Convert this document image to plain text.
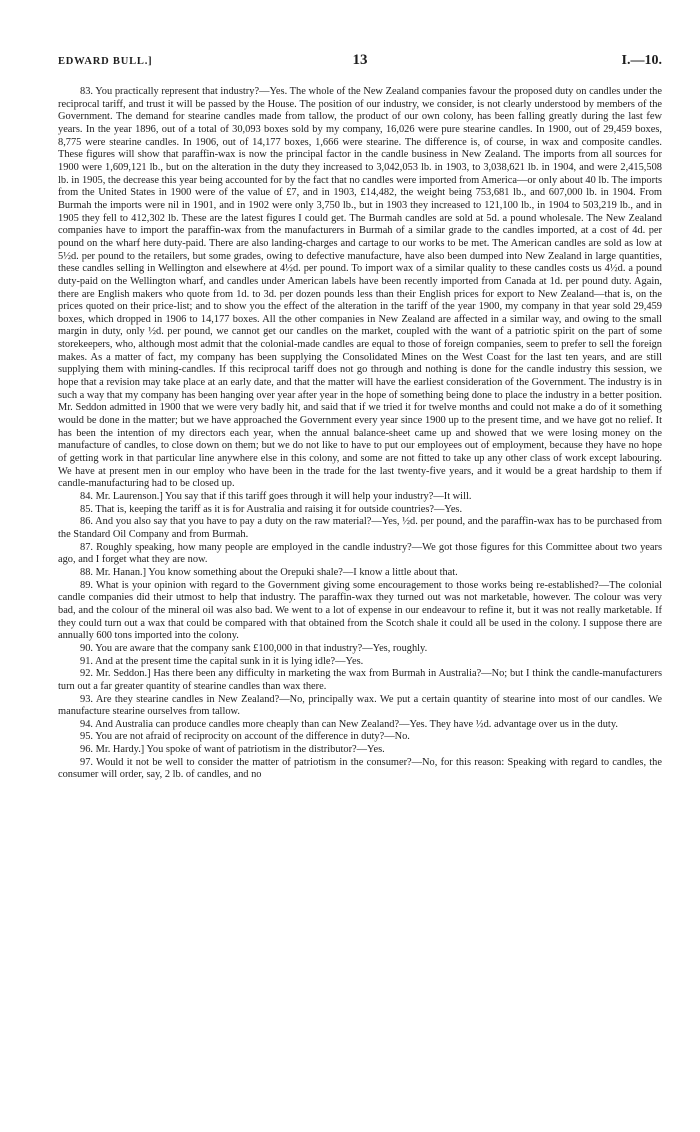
EDWARD BULL.]	13	I.—10.

83. You practically represent that industry?—Yes. The whole of the New Zealand companies favour the proposed duty on candles under the reciprocal tariff, and trust it will be passed by the House. The position of our industry, we consider, is not clearly understood by members of the Government. The demand for stearine candles made from tallow, the product of our own colony, has been falling greatly during the last few years. In the year 1896, out of a total of 30,093 boxes sold by my company, 16,026 were pure stearine candles. In 1900, out of 29,459 boxes, 8,775 were stearine candles. In 1906, out of 14,177 boxes, 1,666 were stearine. The difference is, of course, in wax and composite candles. These figures will show that paraffin-wax is now the principal factor in the candle business in New Zealand. The imports from all sources for 1900 were 1,609,121 lb., but on the alteration in the duty they increased to 3,042,053 lb. in 1903, to 3,038,621 lb. in 1904, and were 2,415,508 lb. in 1905, the decrease this year being accounted for by the fact that no candles were imported from America—or only about 40 lb. The imports from the United States in 1900 were of the value of £7, and in 1903, £14,482, the weight being 753,681 lb., and 607,000 lb. in 1904. From Burmah the imports were nil in 1901, and in 1902 were only 3,750 lb., but in 1903 they increased to 121,100 lb., in 1904 to 503,219 lb., and in 1905 they fell to 412,302 lb. These are the latest figures I could get. The Burmah candles are sold at 5d. a pound wholesale. The New Zealand companies have to import the paraffin-wax from the manufacturers in Burmah of a similar grade to the candles imported, at a cost of 4d. per pound on the wharf here duty-paid. There are also landing-charges and cartage to our works to be met. The American candles are sold as low at 5½d. per pound to the retailers, but some grades, owing to defective manufacture, have also been dumped into New Zealand in large quantities, these candles selling in Wellington and elsewhere at 4½d. per pound. To import wax of a similar quality to these candles costs us 4½d. a pound duty-paid on the Wellington wharf, and candles under American labels have been recently imported from Canada at 1d. per pound duty. Again, there are English makers who quote from 1d. to 3d. per dozen pounds less than their English prices for export to New Zealand—that is, on the prices quoted on their price-list; and to show you the effect of the alteration in the tariff of the year 1900, my company in that year sold 29,459 boxes, which dropped in 1906 to 14,177 boxes. All the other companies in New Zealand are affected in a similar way, and owing to the small margin in duty, only ½d. per pound, we cannot get our candles on the market, coupled with the want of a patriotic spirit on the part of some storekeepers, who, although most admit that the colonial-made candles are equal to those of foreign companies, seem to prefer to sell the foreign makes. As a matter of fact, my company has been supplying the Consolidated Mines on the West Coast for the last ten years, and are still supplying them with mining-candles. If this reciprocal tariff does not go through and nothing is done for the candle industry this session, we hope that a revision may take place at an early date, and that the matter will have the earliest consideration of the Government. The industry is in such a way that my company has been hanging over year after year in the hope of something being done to place the industry in a better position. Mr. Seddon admitted in 1900 that we were very badly hit, and said that if we tried it for twelve months and could not make a do of it something would be done in the matter; but we have approached the Government every year since 1900 up to the present time, and we have got no relief. It has been the intention of my directors each year, when the annual balance-sheet came up and showed that we were losing money on the manufacture of candles, to close down on them; but we do not like to have to put our employees out of employment, because they have no hope of getting work in that particular line anywhere else in this colony, and some are not fitted to take up any other class of work except labouring. We have at present men in our employ who have been in the trade for the last twenty-five years, and it would be a great hardship to them if candle-manufacturing had to be closed up.

84. Mr. Laurenson.] You say that if this tariff goes through it will help your industry?—It will.

85. That is, keeping the tariff as it is for Australia and raising it for outside countries?—Yes.

86. And you also say that you have to pay a duty on the raw material?—Yes, ½d. per pound, and the paraffin-wax has to be purchased from the Standard Oil Company and from Burmah.

87. Roughly speaking, how many people are employed in the candle industry?—We got those figures for this Committee about two years ago, and I forget what they are now.

88. Mr. Hanan.] You know something about the Orepuki shale?—I know a little about that.

89. What is your opinion with regard to the Government giving some encouragement to those works being re-established?—The colonial candle companies did their utmost to help that industry. The paraffin-wax they turned out was not marketable, however. The colour was very bad, and the colour of the mineral oil was also bad. We went to a lot of expense in our endeavour to refine it, but it was not really marketable. If they could turn out a wax that could be compared with that obtained from the Scotch shale it could all be used in the colony. I suppose there are annually 600 tons imported into the colony.

90. You are aware that the company sank £100,000 in that industry?—Yes, roughly.

91. And at the present time the capital sunk in it is lying idle?—Yes.

92. Mr. Seddon.] Has there been any difficulty in marketing the wax from Burmah in Australia?—No; but I think the candle-manufacturers turn out a far greater quantity of stearine candles than wax there.

93. Are they stearine candles in New Zealand?—No, principally wax. We put a certain quantity of stearine into most of our candles. We manufacture stearine ourselves from tallow.

94. And Australia can produce candles more cheaply than can New Zealand?—Yes. They have ½d. advantage over us in the duty.

95. You are not afraid of reciprocity on account of the difference in duty?—No.

96. Mr. Hardy.] You spoke of want of patriotism in the distributor?—Yes.

97. Would it not be well to consider the matter of patriotism in the consumer?—No, for this reason: Speaking with regard to candles, the consumer will order, say, 2 lb. of candles, and no
